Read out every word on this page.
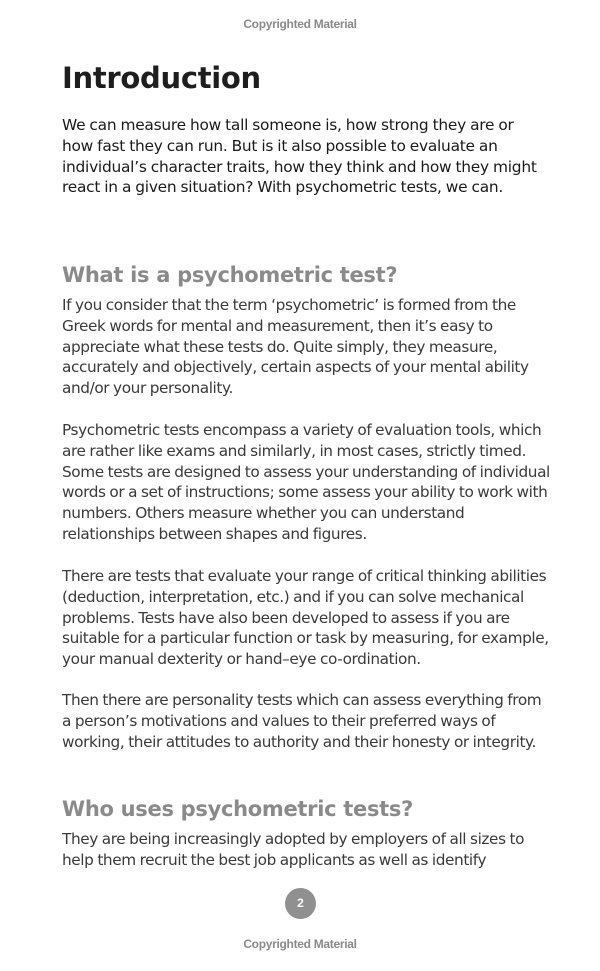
Copyrighted Material
Introduction

We can measure how tall someone is, how strong they are or how fast they can run. But is it also possible to evaluate an individual’s character traits, how they think and how they might react in a given situation? With psychometric tests, we can.

What is a psychometric test?

If you consider that the term ‘psychometric’ is formed from the Greek words for mental and measurement, then it’s easy to appreciate what these tests do. Quite simply, they measure, accurately and objectively, certain aspects of your mental ability and/or your personality.

Psychometric tests encompass a variety of evaluation tools, which are rather like exams and similarly, in most cases, strictly timed. Some tests are designed to assess your understanding of individual words or a set of instructions; some assess your ability to work with numbers. Others measure whether you can understand relationships between shapes and figures.

There are tests that evaluate your range of critical thinking abilities (deduction, interpretation, etc.) and if you can solve mechanical problems. Tests have also been developed to assess if you are suitable for a particular function or task by measuring, for example, your manual dexterity or hand–eye co-ordination.

Then there are personality tests which can assess everything from a person’s motivations and values to their preferred ways of working, their attitudes to authority and their honesty or integrity.

Who uses psychometric tests?

They are being increasingly adopted by employers of all sizes to help them recruit the best job applicants as well as identify

2
Copyrighted Material
